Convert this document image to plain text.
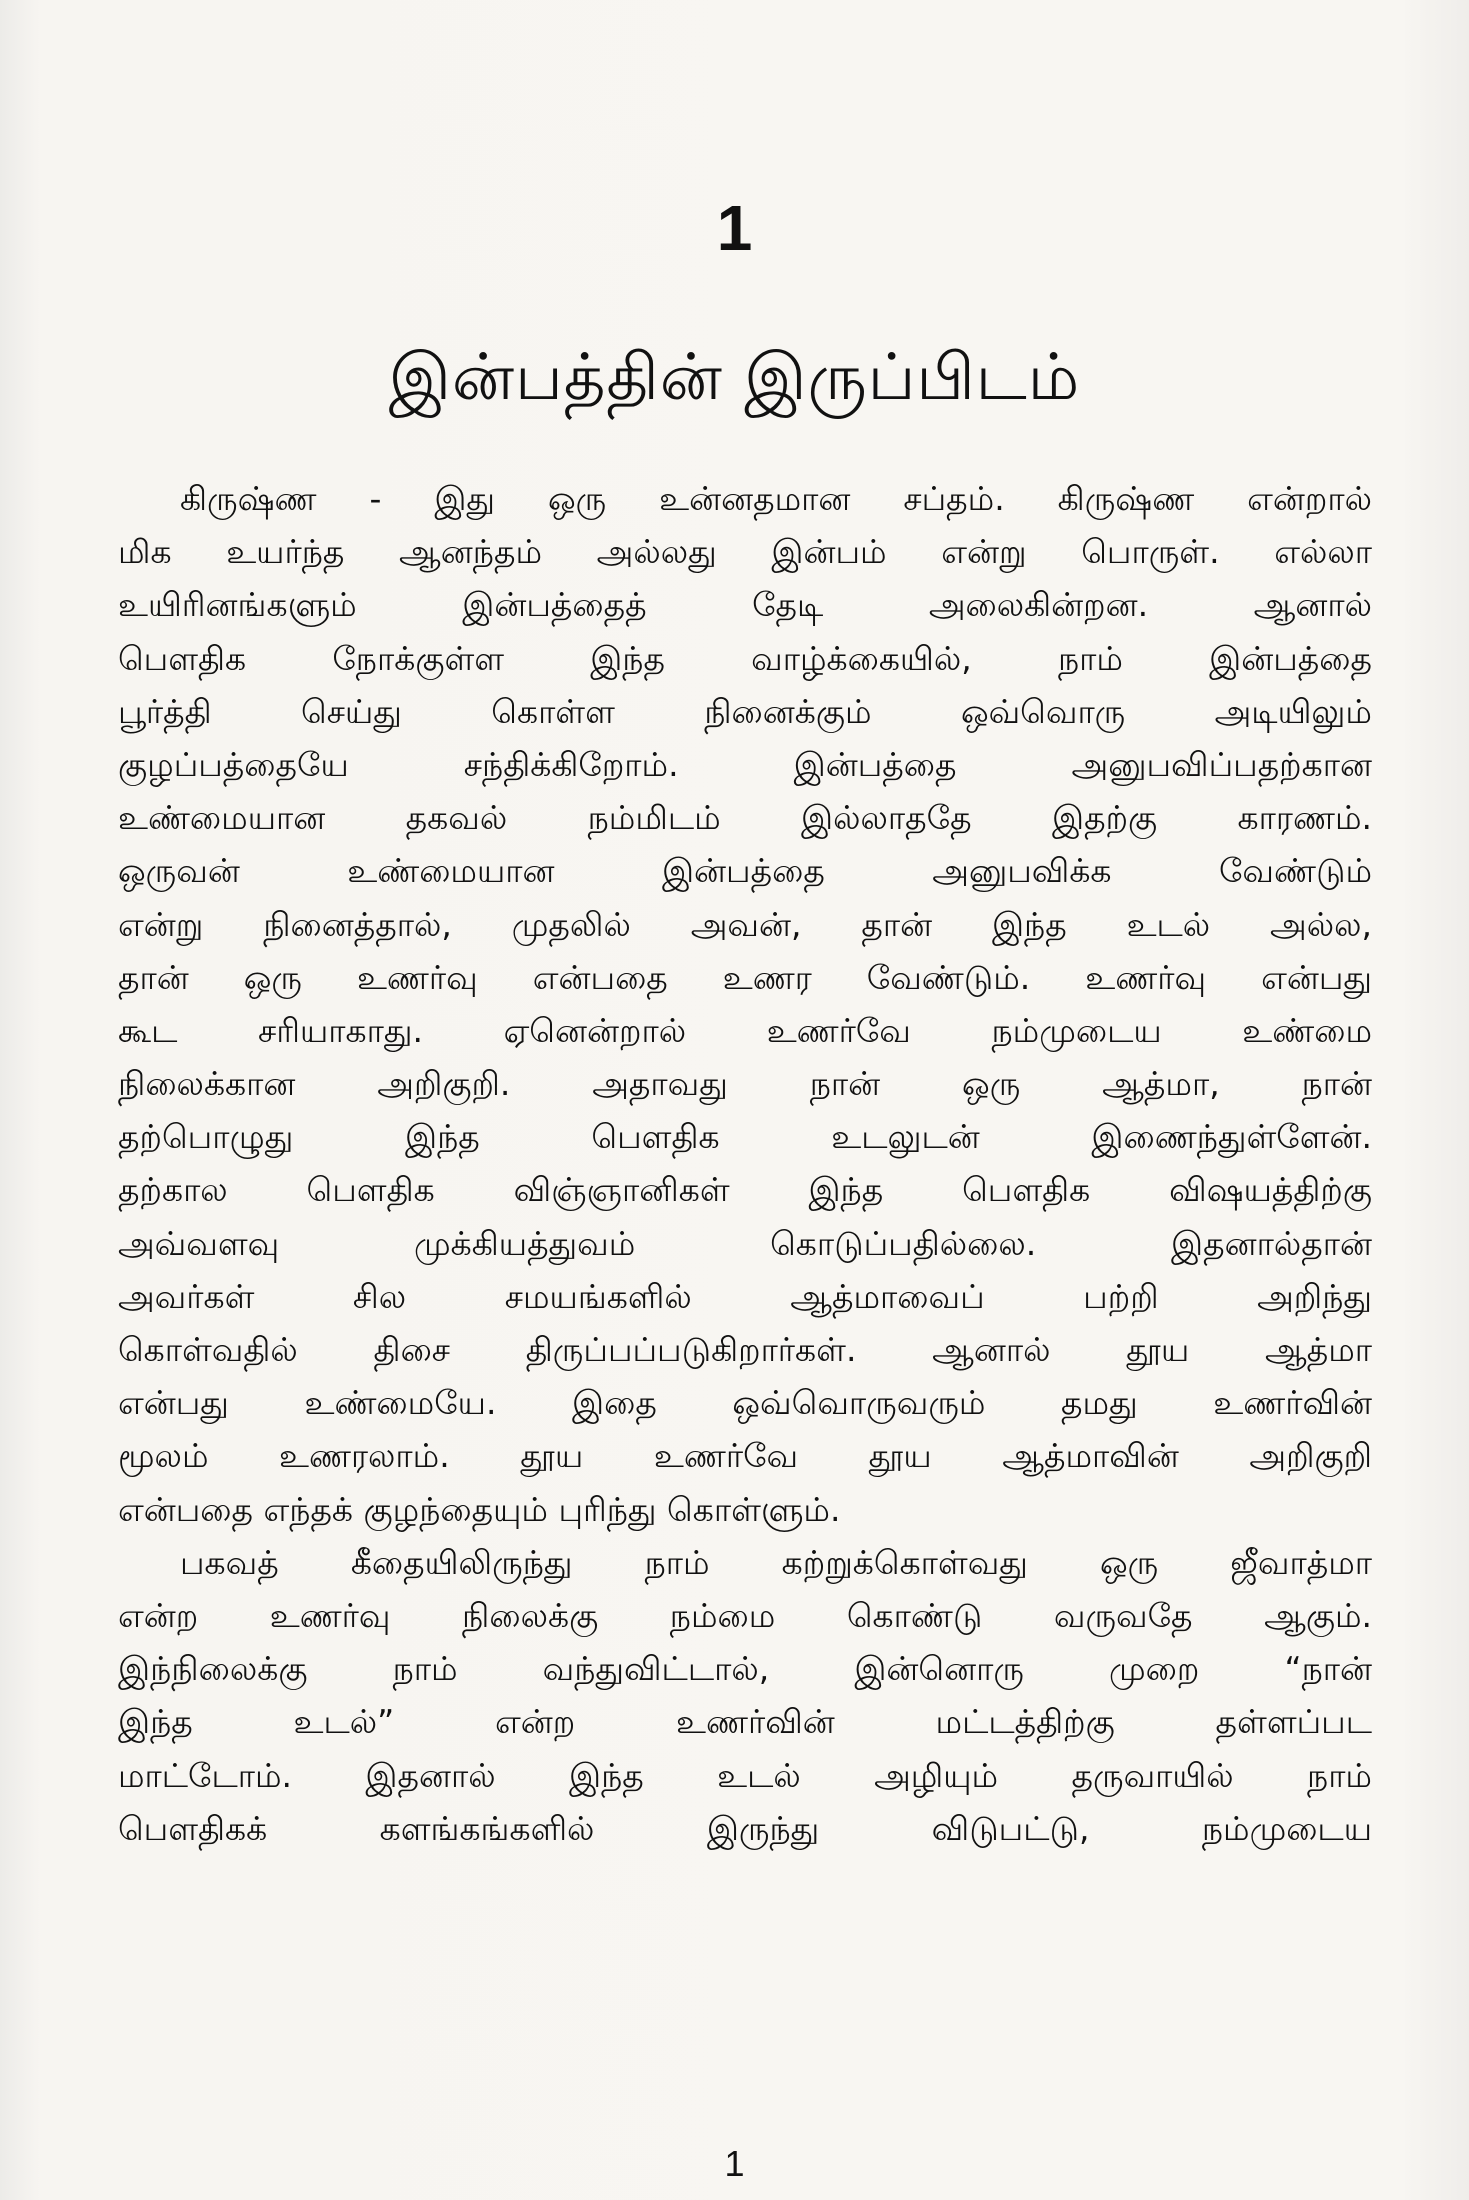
1
இன்பத்தின் இருப்பிடம்
கிருஷ்ண - இது ஒரு உன்னதமான சப்தம். கிருஷ்ண என்றால்
மிக உயர்ந்த ஆனந்தம் அல்லது இன்பம் என்று பொருள். எல்லா
உயிரினங்களும் இன்பத்தைத் தேடி அலைகின்றன. ஆனால்
பௌதிக நோக்குள்ள இந்த வாழ்க்கையில், நாம் இன்பத்தை
பூர்த்தி செய்து கொள்ள நினைக்கும் ஒவ்வொரு அடியிலும்
குழப்பத்தையே சந்திக்கிறோம். இன்பத்தை அனுபவிப்பதற்கான
உண்மையான தகவல் நம்மிடம் இல்லாததே இதற்கு காரணம்.
ஒருவன் உண்மையான இன்பத்தை அனுபவிக்க வேண்டும்
என்று நினைத்தால், முதலில் அவன், தான் இந்த உடல் அல்ல,
தான் ஒரு உணர்வு என்பதை உணர வேண்டும். உணர்வு என்பது
கூட சரியாகாது. ஏனென்றால் உணர்வே நம்முடைய உண்மை
நிலைக்கான அறிகுறி. அதாவது நான் ஒரு ஆத்மா, நான்
தற்பொழுது இந்த பௌதிக உடலுடன் இணைந்துள்ளேன்.
தற்கால பௌதிக விஞ்ஞானிகள் இந்த பௌதிக விஷயத்திற்கு
அவ்வளவு முக்கியத்துவம் கொடுப்பதில்லை. இதனால்தான்
அவர்கள் சில சமயங்களில் ஆத்மாவைப் பற்றி அறிந்து
கொள்வதில் திசை திருப்பப்படுகிறார்கள். ஆனால் தூய ஆத்மா
என்பது உண்மையே. இதை ஒவ்வொருவரும் தமது உணர்வின்
மூலம் உணரலாம். தூய உணர்வே தூய ஆத்மாவின் அறிகுறி
என்பதை எந்தக் குழந்தையும் புரிந்து கொள்ளும்.
பகவத் கீதையிலிருந்து நாம் கற்றுக்கொள்வது ஒரு ஜீவாத்மா
என்ற உணர்வு நிலைக்கு நம்மை கொண்டு வருவதே ஆகும்.
இந்நிலைக்கு நாம் வந்துவிட்டால், இன்னொரு முறை “நான்
இந்த உடல்” என்ற உணர்வின் மட்டத்திற்கு தள்ளப்பட
மாட்டோம். இதனால் இந்த உடல் அழியும் தருவாயில் நாம்
பௌதிகக் களங்கங்களில் இருந்து விடுபட்டு, நம்முடைய
1
